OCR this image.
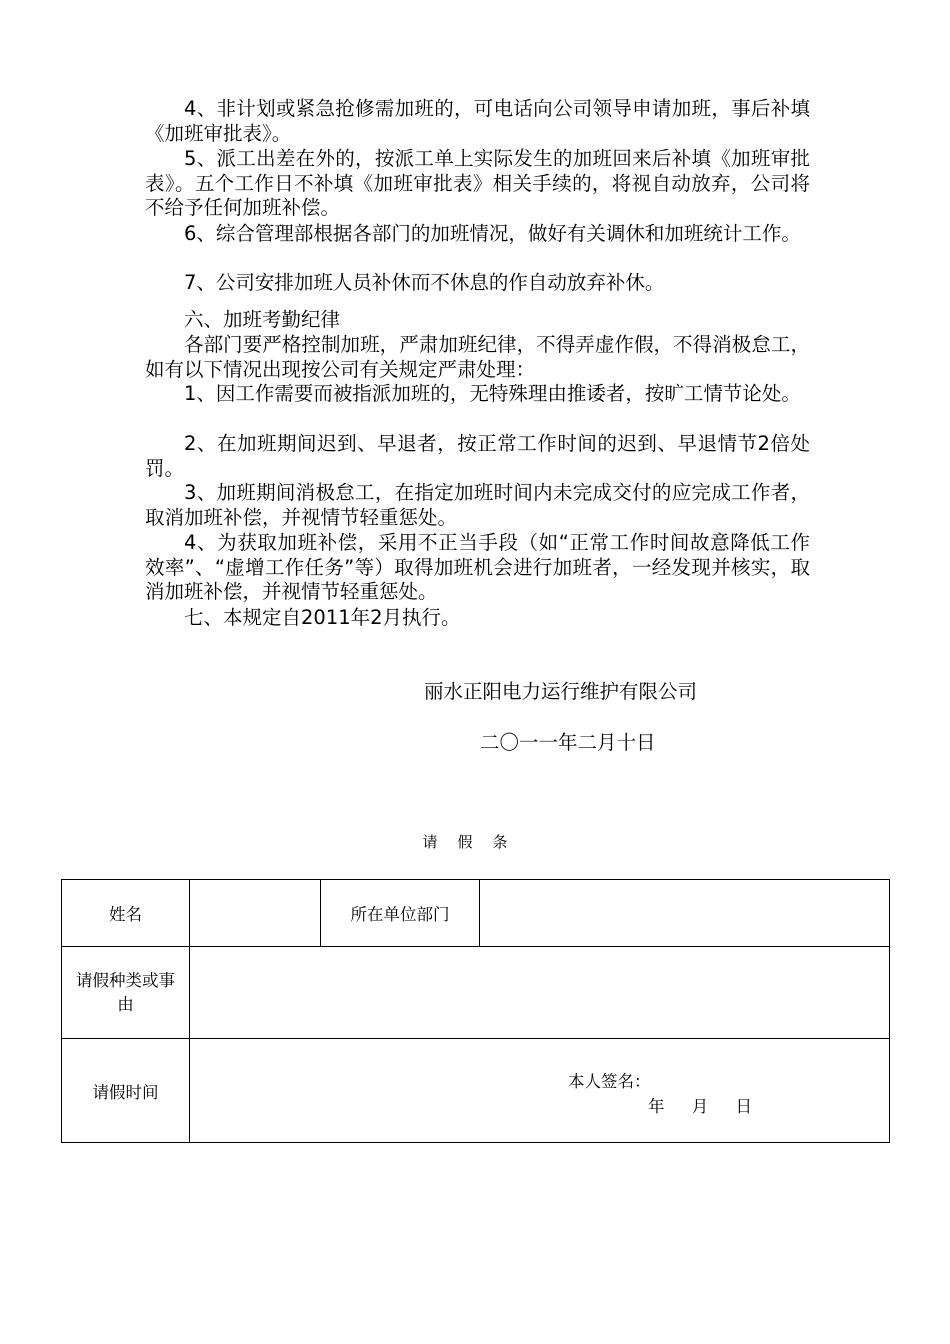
4、非计划或紧急抢修需加班的，可电话向公司领导申请加班，事后补填《加班审批表》。

5、派工出差在外的，按派工单上实际发生的加班回来后补填《加班审批表》。五个工作日不补填《加班审批表》相关手续的，将视自动放弃，公司将不给予任何加班补偿。

6、综合管理部根据各部门的加班情况，做好有关调休和加班统计工作。

7、公司安排加班人员补休而不休息的作自动放弃补休。

六、加班考勤纪律

各部门要严格控制加班，严肃加班纪律，不得弄虚作假，不得消极怠工，如有以下情况出现按公司有关规定严肃处理：

1、因工作需要而被指派加班的，无特殊理由推诿者，按旷工情节论处。

2、在加班期间迟到、早退者，按正常工作时间的迟到、早退情节2倍处罚。

3、加班期间消极怠工，在指定加班时间内未完成交付的应完成工作者，取消加班补偿，并视情节轻重惩处。

4、为获取加班补偿，采用不正当手段（如“正常工作时间故意降低工作效率”、“虚增工作任务”等）取得加班机会进行加班者，一经发现并核实，取消加班补偿，并视情节轻重惩处。

七、本规定自2011年2月执行。

丽水正阳电力运行维护有限公司
二〇一一年二月十日
请假条
姓名		所在单位部门	
请假种类或事由			
请假时间	本人签名：
年 月 日		
